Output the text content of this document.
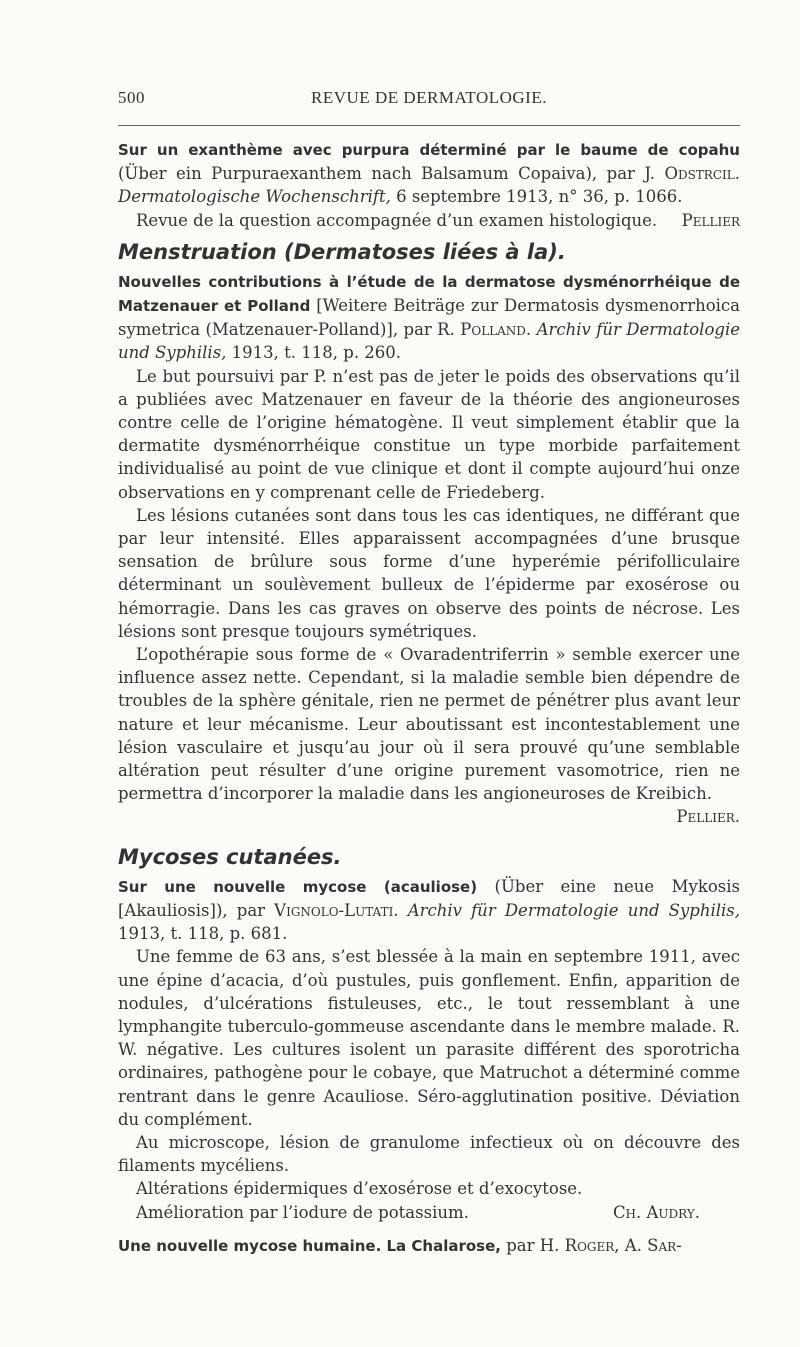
500	REVUE DE DERMATOLOGIE.

Sur un exanthème avec purpura déterminé par le baume de copahu (Über ein Purpuraexanthem nach Balsamum Copaiva), par J. Odstrcil. Dermatologische Wochenschrift, 6 septembre 1913, n° 36, p. 1066.

Revue de la question accompagnée d’un examen histologique.	Pellier

Menstruation (Dermatoses liées à la).

Nouvelles contributions à l’étude de la dermatose dysménorrhéique de Matzenauer et Polland [Weitere Beiträge zur Dermatosis dysmenorrhoica symetrica (Matzenauer-Polland)], par R. Polland. Archiv für Dermatologie und Syphilis, 1913, t. 118, p. 260.

Le but poursuivi par P. n’est pas de jeter le poids des observations qu’il a publiées avec Matzenauer en faveur de la théorie des angioneuroses contre celle de l’origine hématogène. Il veut simplement établir que la dermatite dysménorrhéique constitue un type morbide parfaitement individualisé au point de vue clinique et dont il compte aujourd’hui onze observations en y comprenant celle de Friedeberg.

Les lésions cutanées sont dans tous les cas identiques, ne différant que par leur intensité. Elles apparaissent accompagnées d’une brusque sensation de brûlure sous forme d’une hyperémie périfolliculaire déterminant un soulèvement bulleux de l’épiderme par exosérose ou hémorragie. Dans les cas graves on observe des points de nécrose. Les lésions sont presque toujours symétriques.

L’opothérapie sous forme de « Ovaradentriferrin » semble exercer une influence assez nette. Cependant, si la maladie semble bien dépendre de troubles de la sphère génitale, rien ne permet de pénétrer plus avant leur nature et leur mécanisme. Leur aboutissant est incontestablement une lésion vasculaire et jusqu’au jour où il sera prouvé qu’une semblable altération peut résulter d’une origine purement vasomotrice, rien ne permettra d’incorporer la maladie dans les angioneuroses de Kreibich.
Pellier.

Mycoses cutanées.

Sur une nouvelle mycose (acauliose) (Über eine neue Mykosis [Akauliosis]), par Vignolo-Lutati. Archiv für Dermatologie und Syphilis, 1913, t. 118, p. 681.

Une femme de 63 ans, s’est blessée à la main en septembre 1911, avec une épine d’acacia, d’où pustules, puis gonflement. Enfin, apparition de nodules, d’ulcérations fistuleuses, etc., le tout ressemblant à une lymphangite tuberculo-gommeuse ascendante dans le membre malade. R. W. négative. Les cultures isolent un parasite différent des sporotricha ordinaires, pathogène pour le cobaye, que Matruchot a déterminé comme rentrant dans le genre Acauliose. Séro-agglutination positive. Déviation du complément.

Au microscope, lésion de granulome infectieux où on découvre des filaments mycéliens.

Altérations épidermiques d’exosérose et d’exocytose.

Amélioration par l’iodure de potassium.	Ch. Audry.

Une nouvelle mycose humaine. La Chalarose, par H. Roger, A. Sar-
